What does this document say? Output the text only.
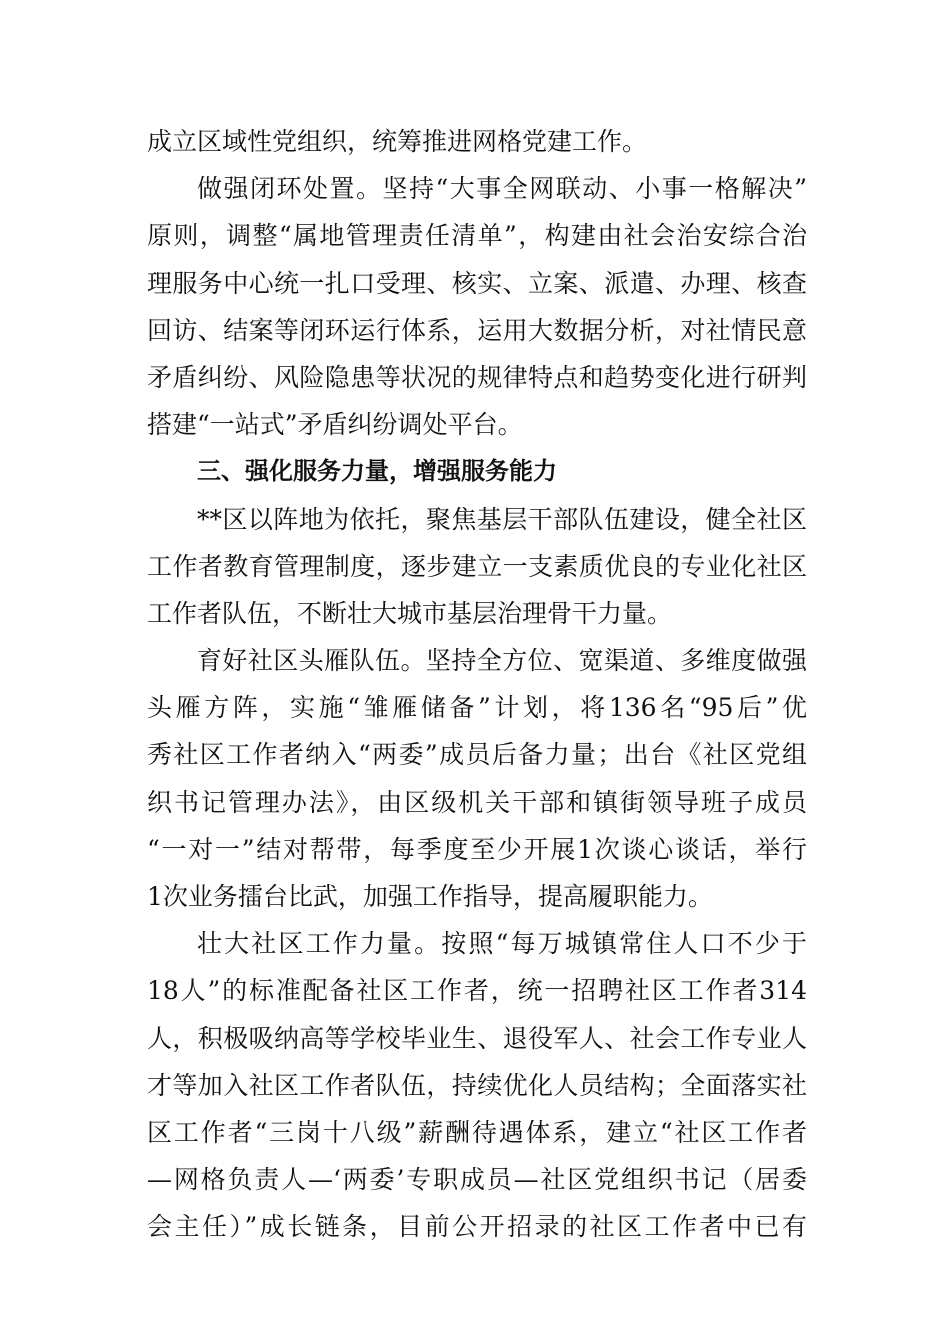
成立区域性党组织，统筹推进网格党建工作。
做强闭环处置。坚持“大事全网联动、小事一格解决”
原则，调整“属地管理责任清单”，构建由社会治安综合治
理服务中心统一扎口受理、核实、立案、派遣、办理、核查
回访、结案等闭环运行体系，运用大数据分析，对社情民意
矛盾纠纷、风险隐患等状况的规律特点和趋势变化进行研判
搭建“一站式”矛盾纠纷调处平台。
三、强化服务力量，增强服务能力
**区以阵地为依托，聚焦基层干部队伍建设，健全社区
工作者教育管理制度，逐步建立一支素质优良的专业化社区
工作者队伍，不断壮大城市基层治理骨干力量。
育好社区头雁队伍。坚持全方位、宽渠道、多维度做强
头雁方阵，实施“雏雁储备”计划，将136名“95后”优
秀社区工作者纳入“两委”成员后备力量；出台《社区党组
织书记管理办法》，由区级机关干部和镇街领导班子成员
“一对一”结对帮带，每季度至少开展1次谈心谈话，举行
1次业务擂台比武，加强工作指导，提高履职能力。
壮大社区工作力量。按照“每万城镇常住人口不少于
18人”的标准配备社区工作者，统一招聘社区工作者314
人，积极吸纳高等学校毕业生、退役军人、社会工作专业人
才等加入社区工作者队伍，持续优化人员结构；全面落实社
区工作者“三岗十八级”薪酬待遇体系，建立“社区工作者
—网格负责人—‘两委’专职成员—社区党组织书记（居委
会主任）”成长链条，目前公开招录的社区工作者中已有
